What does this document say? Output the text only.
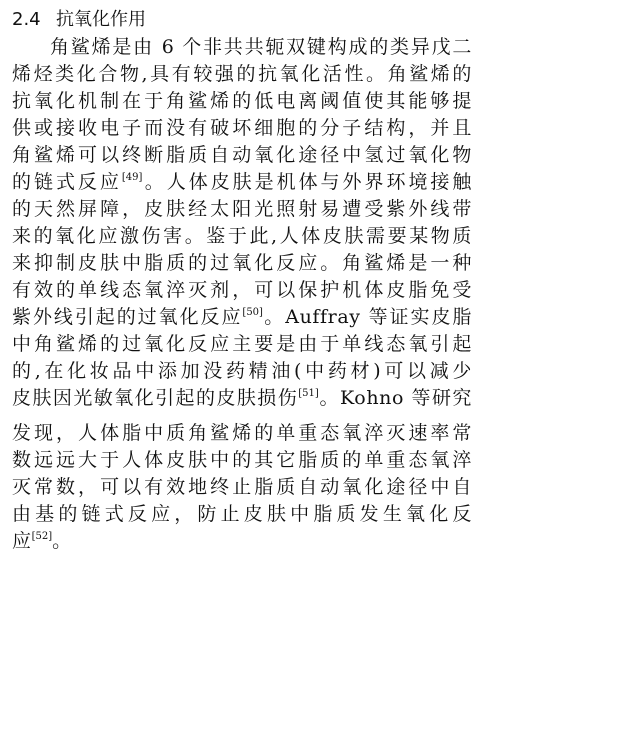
2.4 抗氧化作用
角鲨烯是由 6 个非共共轭双键构成的类异戊二
烯烃类化合物,具有较强的抗氧化活性。角鲨烯的
抗氧化机制在于角鲨烯的低电离阈值使其能够提
供或接收电子而没有破坏细胞的分子结构，并且
角鲨烯可以终断脂质自动氧化途径中氢过氧化物
的链式反应[49]。人体皮肤是机体与外界环境接触
的天然屏障，皮肤经太阳光照射易遭受紫外线带
来的氧化应激伤害。鉴于此,人体皮肤需要某物质
来抑制皮肤中脂质的过氧化反应。角鲨烯是一种
有效的单线态氧淬灭剂，可以保护机体皮脂免受
紫外线引起的过氧化反应[50]。Auffray 等证实皮脂
中角鲨烯的过氧化反应主要是由于单线态氧引起
的,在化妆品中添加没药精油(中药材)可以减少
皮肤因光敏氧化引起的皮肤损伤[51]。Kohno 等研究
发现，人体脂中质角鲨烯的单重态氧淬灭速率常
数远远大于人体皮肤中的其它脂质的单重态氧淬
灭常数，可以有效地终止脂质自动氧化途径中自
由基的链式反应，防止皮肤中脂质发生氧化反
应[52]。
